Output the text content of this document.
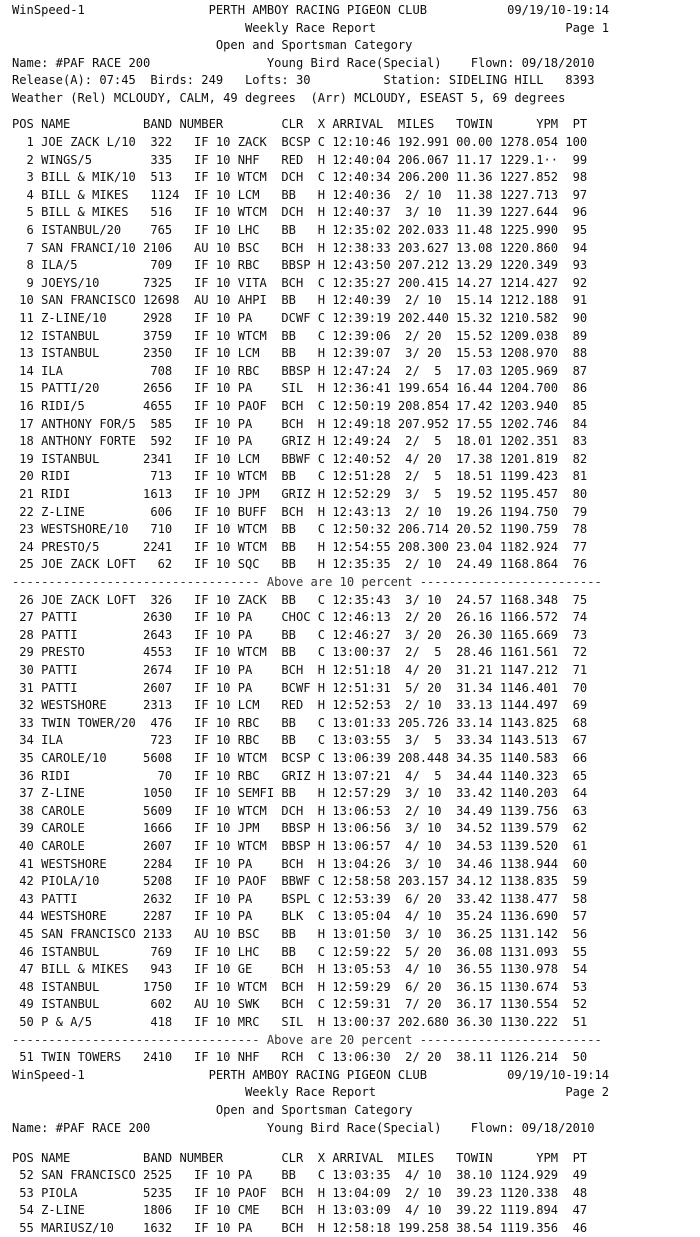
WinSpeed-1                 PERTH AMBOY RACING PIGEON CLUB           09/19/10-19:14
Weekly Race Report                          Page 1
Open and Sportsman Category
Name: #PAF RACE 200                Young Bird Race(Special)    Flown: 09/18/2010
Release(A): 07:45  Birds: 249   Lofts: 30          Station: SIDELING HILL   8393
Weather (Rel) MCLOUDY, CALM, 49 degrees  (Arr) MCLOUDY, ESEAST 5, 69 degrees
POS NAME          BAND NUMBER        CLR  X ARRIVAL  MILES   TOWIN      YPM  PT
1 JOE ZACK L/10  322   IF 10 ZACK  BCSP C 12:10:46 192.991 00.00 1278.054 100
2 WINGS/5        335   IF 10 NHF   RED  H 12:40:04 206.067 11.17 1229.1··  99
3 BILL & MIK/10  513   IF 10 WTCM  DCH  C 12:40:34 206.200 11.36 1227.852  98
4 BILL & MIKES   1124  IF 10 LCM   BB   H 12:40:36  2/ 10  11.38 1227.713  97
5 BILL & MIKES   516   IF 10 WTCM  DCH  H 12:40:37  3/ 10  11.39 1227.644  96
6 ISTANBUL/20    765   IF 10 LHC   BB   H 12:35:02 202.033 11.48 1225.990  95
7 SAN FRANCI/10 2106   AU 10 BSC   BCH  H 12:38:33 203.627 13.08 1220.860  94
8 ILA/5          709   IF 10 RBC   BBSP H 12:43:50 207.212 13.29 1220.349  93
9 JOEYS/10      7325   IF 10 VITA  BCH  C 12:35:27 200.415 14.27 1214.427  92
10 SAN FRANCISCO 12698  AU 10 AHPI  BB   H 12:40:39  2/ 10  15.14 1212.188  91
11 Z-LINE/10     2928   IF 10 PA    DCWF C 12:39:19 202.440 15.32 1210.582  90
12 ISTANBUL      3759   IF 10 WTCM  BB   C 12:39:06  2/ 20  15.52 1209.038  89
13 ISTANBUL      2350   IF 10 LCM   BB   H 12:39:07  3/ 20  15.53 1208.970  88
14 ILA            708   IF 10 RBC   BBSP H 12:47:24  2/  5  17.03 1205.969  87
15 PATTI/20      2656   IF 10 PA    SIL  H 12:36:41 199.654 16.44 1204.700  86
16 RIDI/5        4655   IF 10 PAOF  BCH  C 12:50:19 208.854 17.42 1203.940  85
17 ANTHONY FOR/5  585   IF 10 PA    BCH  H 12:49:18 207.952 17.55 1202.746  84
18 ANTHONY FORTE  592   IF 10 PA    GRIZ H 12:49:24  2/  5  18.01 1202.351  83
19 ISTANBUL      2341   IF 10 LCM   BBWF C 12:40:52  4/ 20  17.38 1201.819  82
20 RIDI           713   IF 10 WTCM  BB   C 12:51:28  2/  5  18.51 1199.423  81
21 RIDI          1613   IF 10 JPM   GRIZ H 12:52:29  3/  5  19.52 1195.457  80
22 Z-LINE         606   IF 10 BUFF  BCH  H 12:43:13  2/ 10  19.26 1194.750  79
23 WESTSHORE/10   710   IF 10 WTCM  BB   C 12:50:32 206.714 20.52 1190.759  78
24 PRESTO/5      2241   IF 10 WTCM  BB   H 12:54:55 208.300 23.04 1182.924  77
25 JOE ZACK LOFT   62   IF 10 SQC   BB   H 12:35:35  2/ 10  24.49 1168.864  76
---------------------------------- Above are 10 percent -------------------------
26 JOE ZACK LOFT  326   IF 10 ZACK  BB   C 12:35:43  3/ 10  24.57 1168.348  75
27 PATTI         2630   IF 10 PA    CHOC C 12:46:13  2/ 20  26.16 1166.572  74
28 PATTI         2643   IF 10 PA    BB   C 12:46:27  3/ 20  26.30 1165.669  73
29 PRESTO        4553   IF 10 WTCM  BB   C 13:00:37  2/  5  28.46 1161.561  72
30 PATTI         2674   IF 10 PA    BCH  H 12:51:18  4/ 20  31.21 1147.212  71
31 PATTI         2607   IF 10 PA    BCWF H 12:51:31  5/ 20  31.34 1146.401  70
32 WESTSHORE     2313   IF 10 LCM   RED  H 12:52:53  2/ 10  33.13 1144.497  69
33 TWIN TOWER/20  476   IF 10 RBC   BB   C 13:01:33 205.726 33.14 1143.825  68
34 ILA            723   IF 10 RBC   BB   C 13:03:55  3/  5  33.34 1143.513  67
35 CAROLE/10     5608   IF 10 WTCM  BCSP C 13:06:39 208.448 34.35 1140.583  66
36 RIDI            70   IF 10 RBC   GRIZ H 13:07:21  4/  5  34.44 1140.323  65
37 Z-LINE        1050   IF 10 SEMFI BB   H 12:57:29  3/ 10  33.42 1140.203  64
38 CAROLE        5609   IF 10 WTCM  DCH  H 13:06:53  2/ 10  34.49 1139.756  63
39 CAROLE        1666   IF 10 JPM   BBSP H 13:06:56  3/ 10  34.52 1139.579  62
40 CAROLE        2607   IF 10 WTCM  BBSP H 13:06:57  4/ 10  34.53 1139.520  61
41 WESTSHORE     2284   IF 10 PA    BCH  H 13:04:26  3/ 10  34.46 1138.944  60
42 PIOLA/10      5208   IF 10 PAOF  BBWF C 12:58:58 203.157 34.12 1138.835  59
43 PATTI         2632   IF 10 PA    BSPL C 12:53:39  6/ 20  33.42 1138.477  58
44 WESTSHORE     2287   IF 10 PA    BLK  C 13:05:04  4/ 10  35.24 1136.690  57
45 SAN FRANCISCO 2133   AU 10 BSC   BB   H 13:01:50  3/ 10  36.25 1131.142  56
46 ISTANBUL       769   IF 10 LHC   BB   C 12:59:22  5/ 20  36.08 1131.093  55
47 BILL & MIKES   943   IF 10 GE    BCH  H 13:05:53  4/ 10  36.55 1130.978  54
48 ISTANBUL      1750   IF 10 WTCM  BCH  H 12:59:29  6/ 20  36.15 1130.674  53
49 ISTANBUL       602   AU 10 SWK   BCH  C 12:59:31  7/ 20  36.17 1130.554  52
50 P & A/5        418   IF 10 MRC   SIL  H 13:00:37 202.680 36.30 1130.222  51
---------------------------------- Above are 20 percent -------------------------
51 TWIN TOWERS   2410   IF 10 NHF   RCH  C 13:06:30  2/ 20  38.11 1126.214  50
WinSpeed-1                 PERTH AMBOY RACING PIGEON CLUB           09/19/10-19:14
Weekly Race Report                          Page 2
Open and Sportsman Category
Name: #PAF RACE 200                Young Bird Race(Special)    Flown: 09/18/2010
POS NAME          BAND NUMBER        CLR  X ARRIVAL  MILES   TOWIN      YPM  PT
52 SAN FRANCISCO 2525   IF 10 PA    BB   C 13:03:35  4/ 10  38.10 1124.929  49
53 PIOLA         5235   IF 10 PAOF  BCH  H 13:04:09  2/ 10  39.23 1120.338  48
54 Z-LINE        1806   IF 10 CME   BCH  H 13:03:09  4/ 10  39.22 1119.894  47
55 MARIUSZ/10    1632   IF 10 PA    BCH  H 12:58:18 199.258 38.54 1119.356  46
